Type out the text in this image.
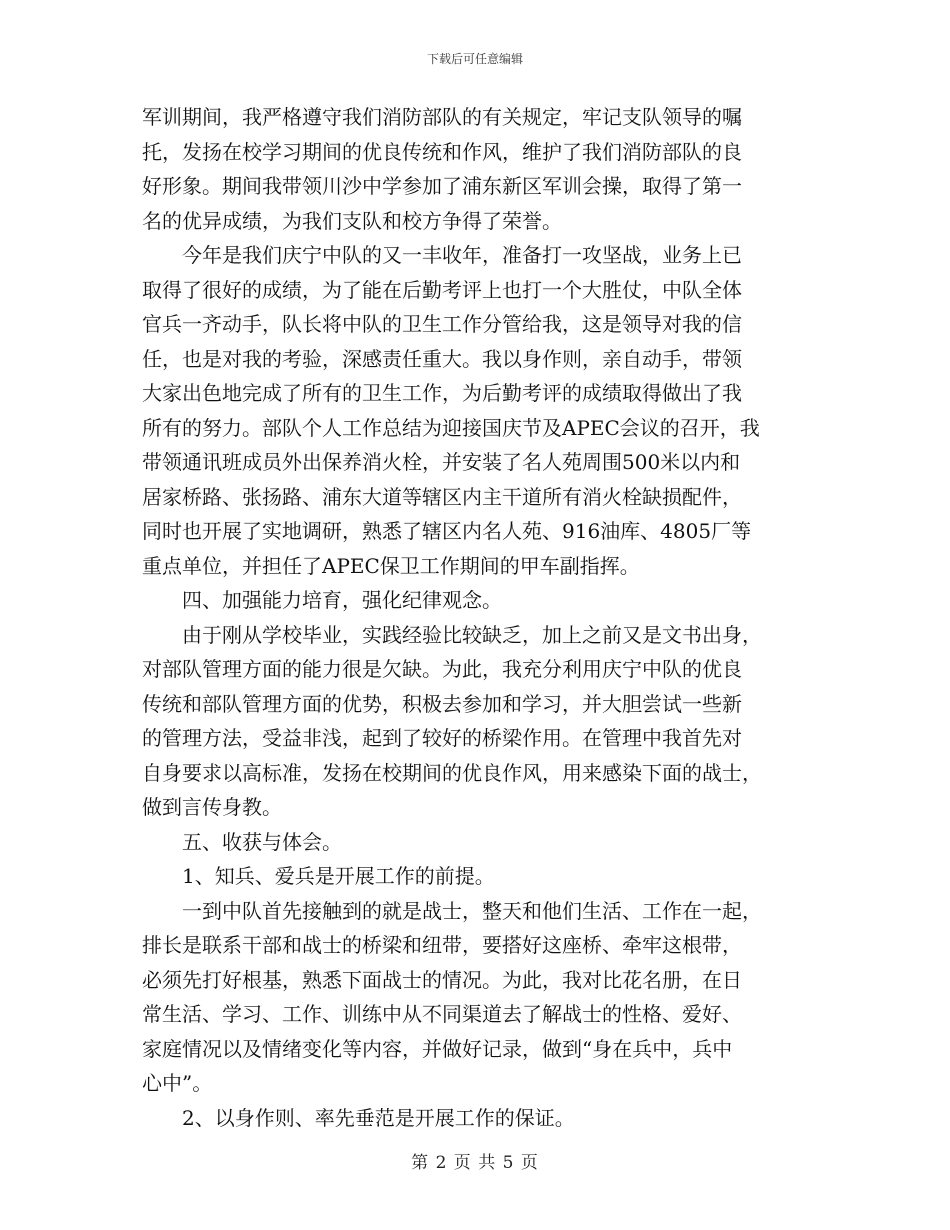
下载后可任意编辑
军训期间，我严格遵守我们消防部队的有关规定，牢记支队领导的嘱
托，发扬在校学习期间的优良传统和作风，维护了我们消防部队的良
好形象。期间我带领川沙中学参加了浦东新区军训会操，取得了第一
名的优异成绩，为我们支队和校方争得了荣誉。
　　今年是我们庆宁中队的又一丰收年，准备打一攻坚战，业务上已
取得了很好的成绩，为了能在后勤考评上也打一个大胜仗，中队全体
官兵一齐动手，队长将中队的卫生工作分管给我，这是领导对我的信
任，也是对我的考验，深感责任重大。我以身作则，亲自动手，带领
大家出色地完成了所有的卫生工作，为后勤考评的成绩取得做出了我
所有的努力。部队个人工作总结为迎接国庆节及APEC会议的召开，我
带领通讯班成员外出保养消火栓，并安装了名人苑周围500米以内和
居家桥路、张扬路、浦东大道等辖区内主干道所有消火栓缺损配件，
同时也开展了实地调研，熟悉了辖区内名人苑、916油库、4805厂等
重点单位，并担任了APEC保卫工作期间的甲车副指挥。
　　四、加强能力培育，强化纪律观念。
　　由于刚从学校毕业，实践经验比较缺乏，加上之前又是文书出身，
对部队管理方面的能力很是欠缺。为此，我充分利用庆宁中队的优良
传统和部队管理方面的优势，积极去参加和学习，并大胆尝试一些新
的管理方法，受益非浅，起到了较好的桥梁作用。在管理中我首先对
自身要求以高标准，发扬在校期间的优良作风，用来感染下面的战士，
做到言传身教。
　　五、收获与体会。
　　1、知兵、爱兵是开展工作的前提。
　　一到中队首先接触到的就是战士，整天和他们生活、工作在一起，
排长是联系干部和战士的桥梁和纽带，要搭好这座桥、牵牢这根带，
必须先打好根基，熟悉下面战士的情况。为此，我对比花名册，在日
常生活、学习、工作、训练中从不同渠道去了解战士的性格、爱好、
家庭情况以及情绪变化等内容，并做好记录，做到“身在兵中，兵中
心中”。
　　2、以身作则、率先垂范是开展工作的保证。
第 2 页 共 5 页
